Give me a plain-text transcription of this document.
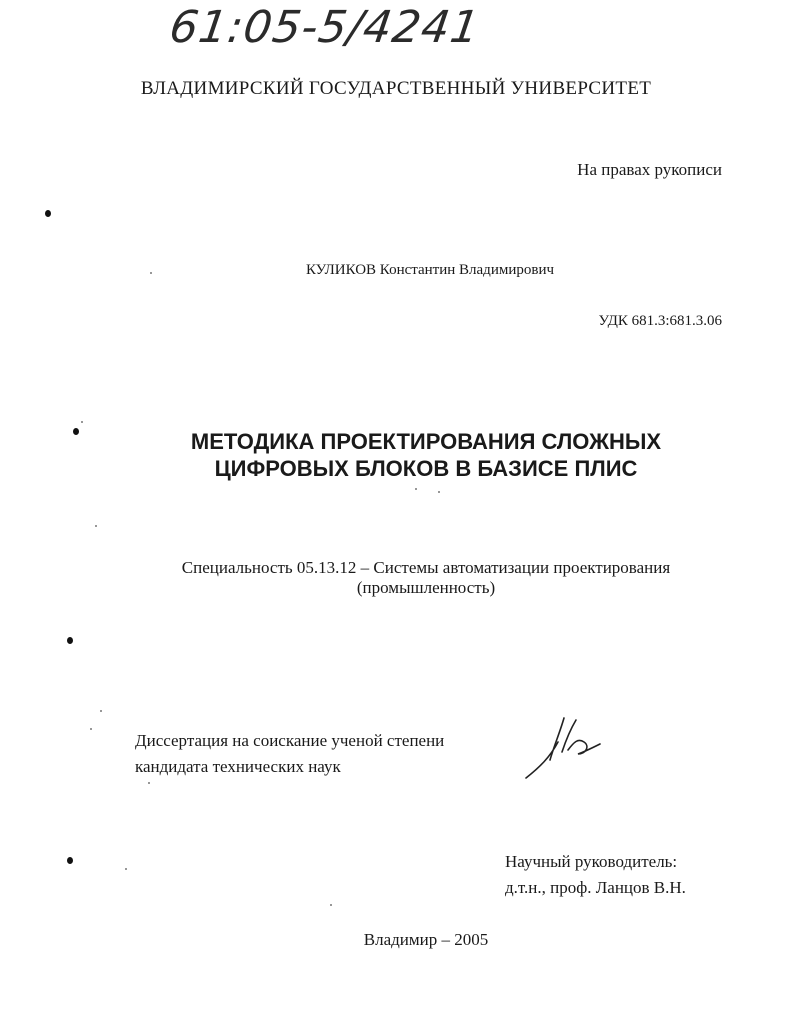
61:05-5/4241
ВЛАДИМИРСКИЙ ГОСУДАРСТВЕННЫЙ УНИВЕРСИТЕТ
На правах рукописи
КУЛИКОВ Константин Владимирович
УДК 681.3:681.3.06
МЕТОДИКА ПРОЕКТИРОВАНИЯ СЛОЖНЫХ
ЦИФРОВЫХ БЛОКОВ В БАЗИСЕ ПЛИС
Специальность 05.13.12 – Системы автоматизации проектирования
(промышленность)
Диссертация на соискание ученой степени
кандидата технических наук
Научный руководитель:
д.т.н., проф. Ланцов В.Н.
Владимир – 2005
